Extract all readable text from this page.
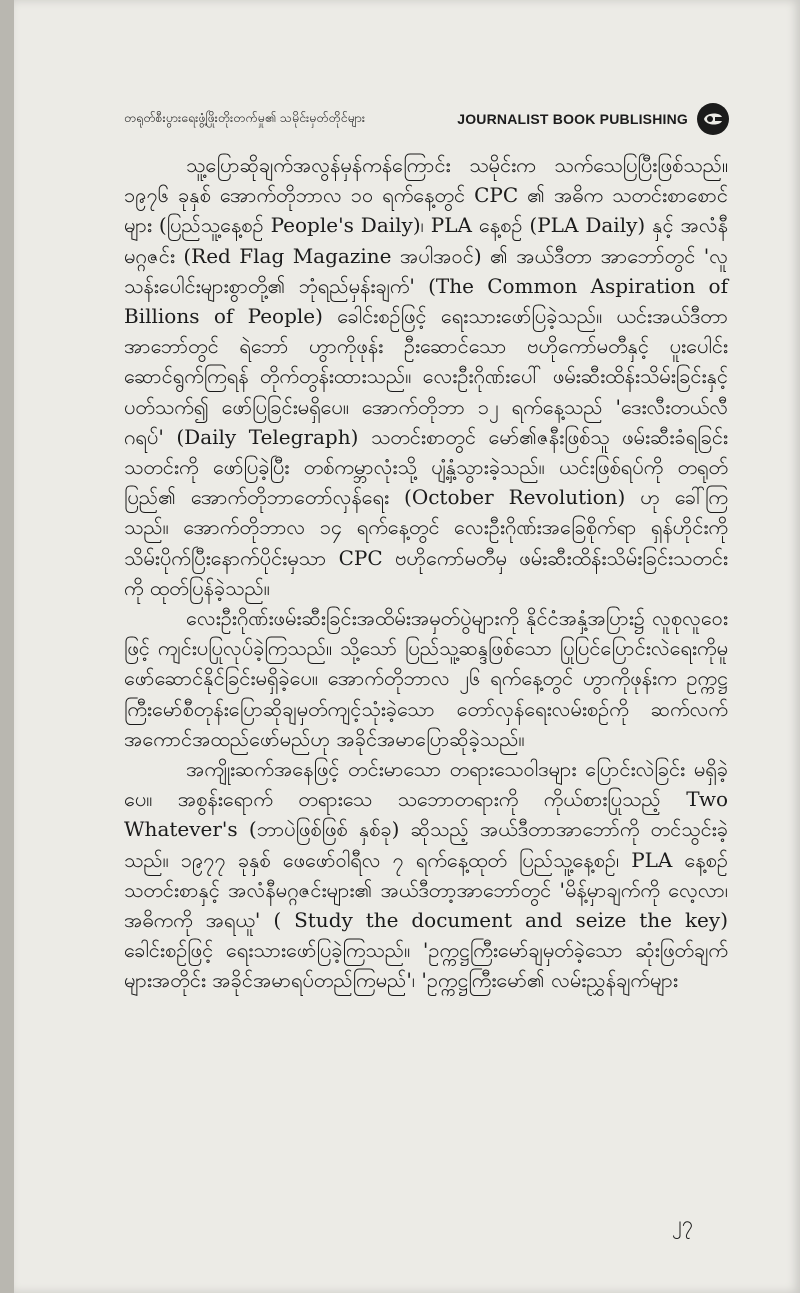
တရုတ်စီးပွားရေးဖွံ့ဖြိုးတိုးတက်မှု၏ သမိုင်းမှတ်တိုင်များ	JOURNALIST BOOK PUBLISHING

သူ့ပြောဆိုချက်အလွန်မှန်ကန်ကြောင်း သမိုင်းက သက်သေပြပြီးဖြစ်သည်။ ၁၉၇၆ ခုနှစ် အောက်တိုဘာလ ၁၀ ရက်နေ့တွင် CPC ၏ အဓိက သတင်းစာစောင်များ (ပြည်သူ့နေ့စဉ် People's Daily)၊ PLA နေ့စဉ် (PLA Daily) နှင့် အလံနီမဂ္ဂဇင်း (Red Flag Magazine အပါအဝင်) ၏ အယ်ဒီတာ အာဘော်တွင် 'လူသန်းပေါင်းများစွာတို့၏ ဘုံရည်မှန်းချက်' (The Common Aspiration of Billions of People) ခေါင်းစဉ်ဖြင့် ရေးသားဖော်ပြခဲ့သည်။ ယင်းအယ်ဒီတာအာဘော်တွင် ရဲဘော် ဟွာကိုဖုန်း ဦးဆောင်သော ဗဟိုကော်မတီနှင့် ပူးပေါင်းဆောင်ရွက်ကြရန် တိုက်တွန်းထားသည်။ လေးဦးဂိုဏ်းပေါ် ဖမ်းဆီးထိန်းသိမ်းခြင်းနှင့် ပတ်သက်၍ ဖော်ပြခြင်းမရှိပေ။ အောက်တိုဘာ ၁၂ ရက်နေ့သည် 'ဒေးလီးတယ်လီဂရပ်' (Daily Telegraph) သတင်းစာတွင် မော်၏ဇနီးဖြစ်သူ ဖမ်းဆီးခံရခြင်းသတင်းကို ဖော်ပြခဲ့ပြီး တစ်ကမ္ဘာလုံးသို့ ပျံ့နှံ့သွားခဲ့သည်။ ယင်းဖြစ်ရပ်ကို တရုတ်ပြည်၏ အောက်တိုဘာတော်လှန်ရေး (October Revolution) ဟု ခေါ်ကြသည်။ အောက်တိုဘာလ ၁၄ ရက်နေ့တွင် လေးဦးဂိုဏ်းအခြေစိုက်ရာ ရှန်ဟိုင်းကို သိမ်းပိုက်ပြီးနောက်ပိုင်းမှသာ CPC ဗဟိုကော်မတီမှ ဖမ်းဆီးထိန်းသိမ်းခြင်းသတင်းကို ထုတ်ပြန်ခဲ့သည်။

လေးဦးဂိုဏ်းဖမ်းဆီးခြင်းအထိမ်းအမှတ်ပွဲများကို နိုင်ငံအနှံ့အပြား၌ လူစုလူဝေးဖြင့် ကျင်းပပြုလုပ်ခဲ့ကြသည်။ သို့သော် ပြည်သူ့ဆန္ဒဖြစ်သော ပြုပြင်ပြောင်းလဲရေးကိုမူ ဖော်ဆောင်နိုင်ခြင်းမရှိခဲ့ပေ။ အောက်တိုဘာလ ၂၆ ရက်နေ့တွင် ဟွာကိုဖုန်းက ဥက္ကဋ္ဌကြီးမော်စီတုန်းပြောဆိုချမှတ်ကျင့်သုံးခဲ့သော တော်လှန်ရေးလမ်းစဉ်ကို ဆက်လက်အကောင်အထည်ဖော်မည်ဟု အခိုင်အမာပြောဆိုခဲ့သည်။

အကျိုးဆက်အနေဖြင့် တင်းမာသော တရားသေဝါဒများ ပြောင်းလဲခြင်း မရှိခဲ့ပေ။ အစွန်းရောက် တရားသေ သဘောတရားကို ကိုယ်စားပြုသည့် Two Whatever's (ဘာပဲဖြစ်ဖြစ် နှစ်ခု) ဆိုသည့် အယ်ဒီတာအာဘော်ကို တင်သွင်းခဲ့သည်။ ၁၉၇၇ ခုနှစ် ဖေဖော်ဝါရီလ ၇ ရက်နေ့ထုတ် ပြည်သူ့နေ့စဉ်၊ PLA နေ့စဉ်သတင်းစာနှင့် အလံနီမဂ္ဂဇင်းများ၏ အယ်ဒီတာ့အာဘော်တွင် 'မိန့်မှာချက်ကို လေ့လာ၊ အဓိကကို အရယူ' ( Study the document and seize the key) ခေါင်းစဉ်ဖြင့် ရေးသားဖော်ပြခဲ့ကြသည်။ 'ဥက္ကဋ္ဌကြီးမော်ချမှတ်ခဲ့သော ဆုံးဖြတ်ချက်များအတိုင်း အခိုင်အမာရပ်တည်ကြမည်'၊ 'ဥက္ကဋ္ဌကြီးမော်၏ လမ်းညွှန်ချက်များ

၂၇
